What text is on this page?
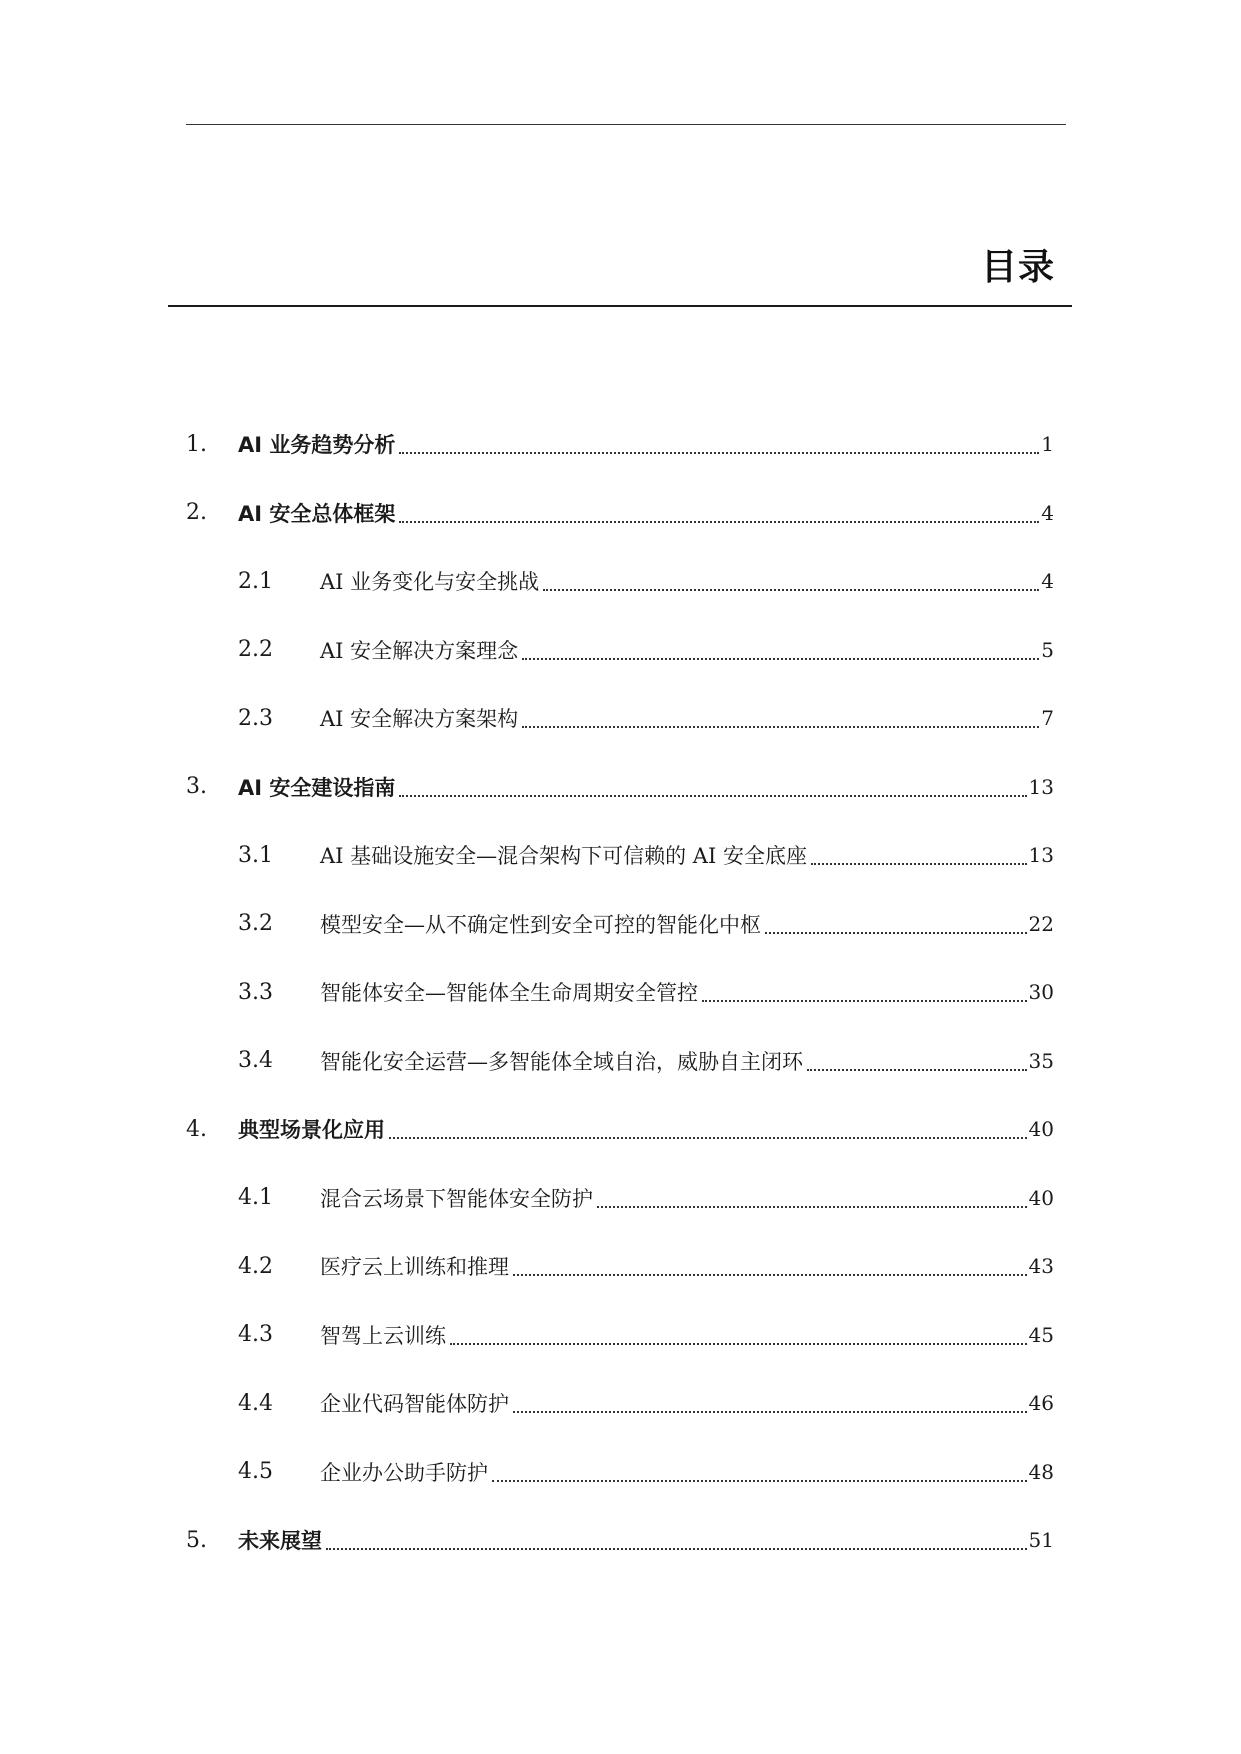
目录
1.	AI 业务趋势分析	1
2.	AI 安全总体框架	4
2.1	AI 业务变化与安全挑战	4
2.2	AI 安全解决方案理念	5
2.3	AI 安全解决方案架构	7
3.	AI 安全建设指南	13
3.1	AI 基础设施安全—混合架构下可信赖的 AI 安全底座	13
3.2	模型安全—从不确定性到安全可控的智能化中枢	22
3.3	智能体安全—智能体全生命周期安全管控	30
3.4	智能化安全运营—多智能体全域自治，威胁自主闭环	35
4.	典型场景化应用	40
4.1	混合云场景下智能体安全防护	40
4.2	医疗云上训练和推理	43
4.3	智驾上云训练	45
4.4	企业代码智能体防护	46
4.5	企业办公助手防护	48
5.	未来展望	51
